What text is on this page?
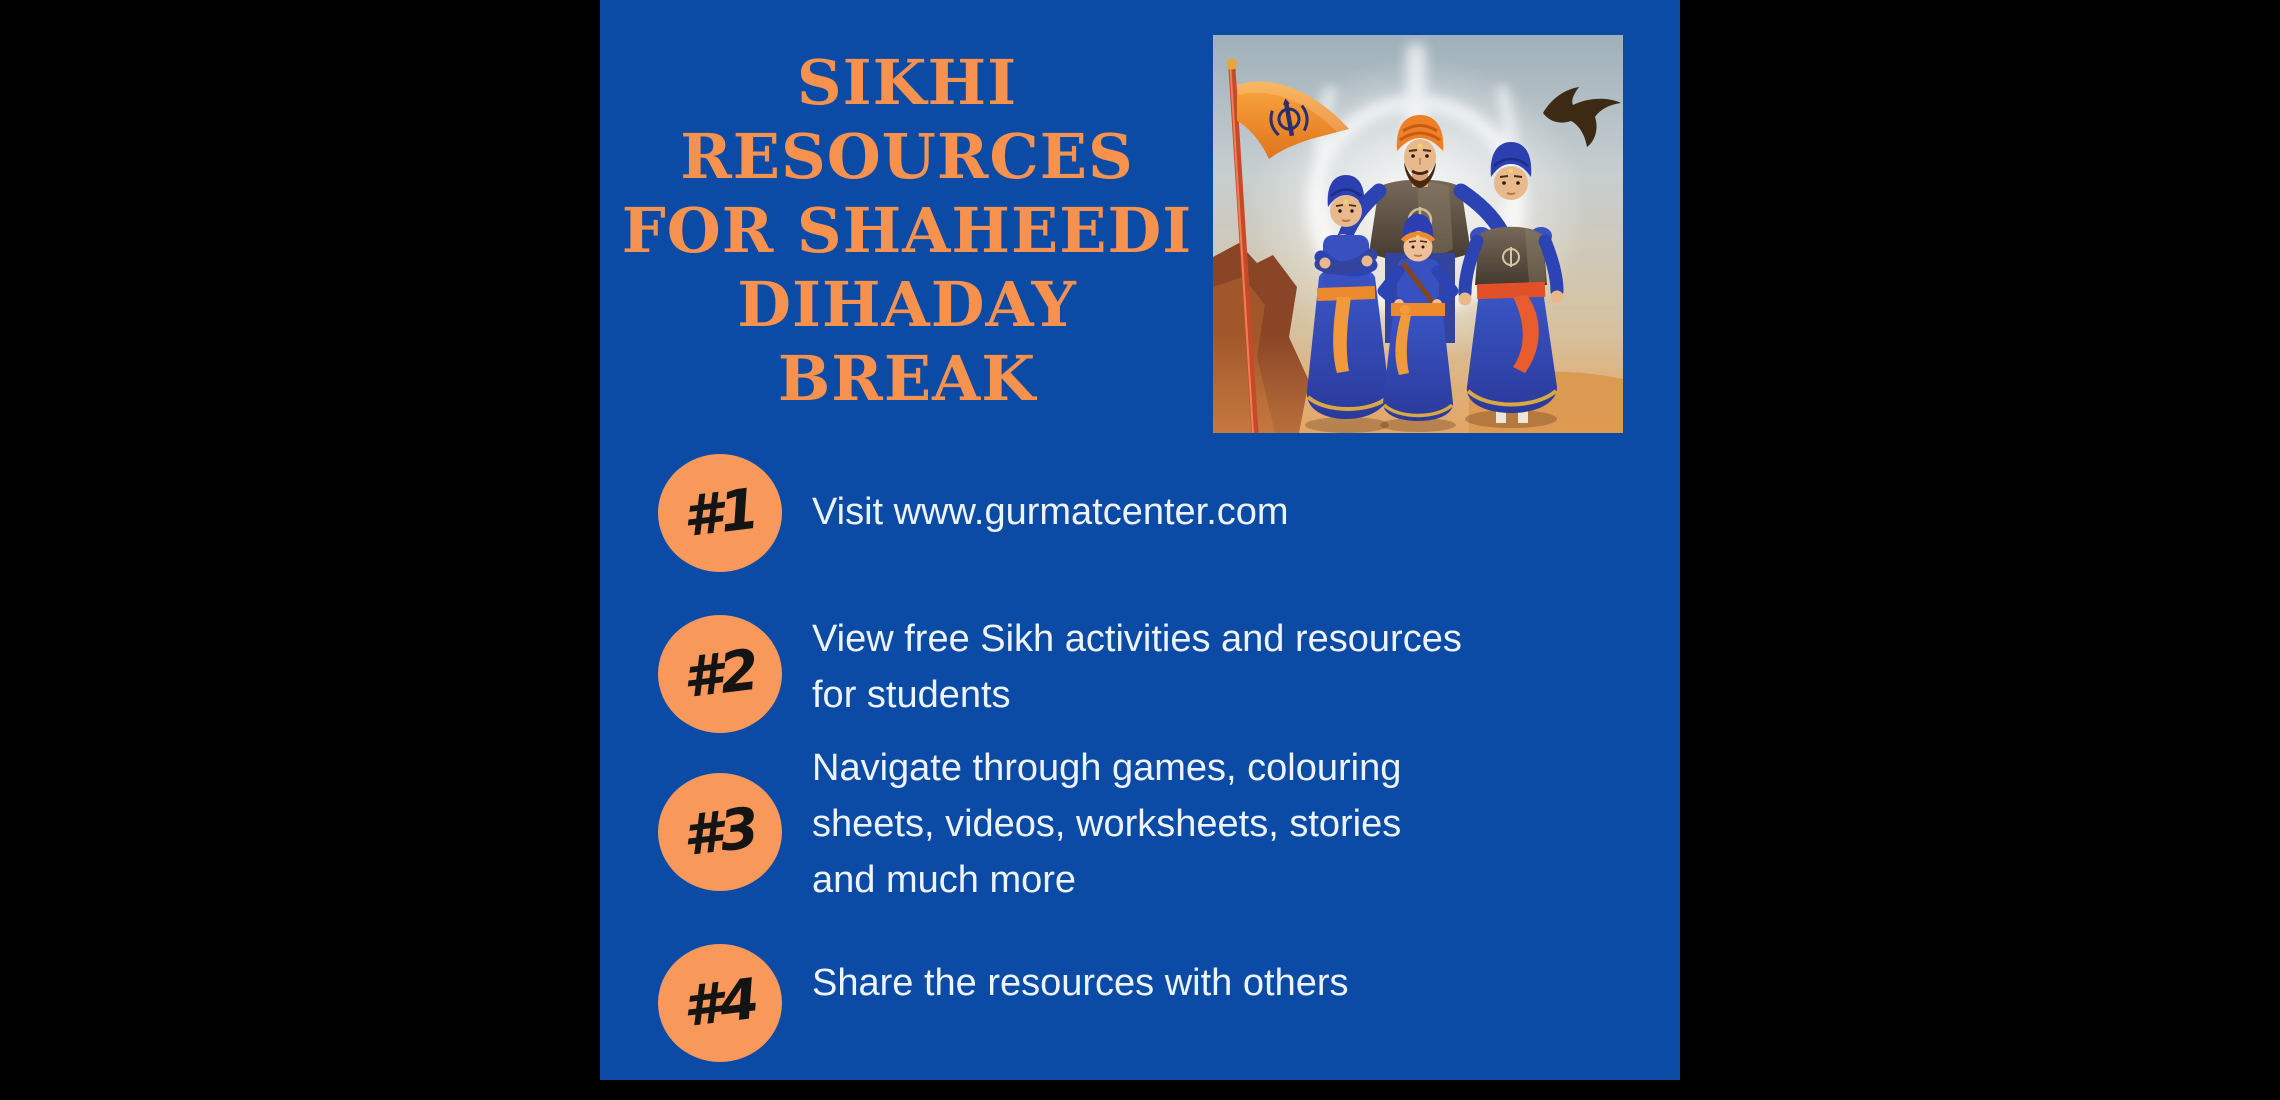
SIKHI
RESOURCES
FOR SHAHEEDI
DIHADAY
BREAK
#1 Visit www.gurmatcenter.com
#2 View free Sikh activities and resources
for students
#3
Navigate through games, colouring
sheets, videos, worksheets, stories
and much more
#4 Share the resources with others
